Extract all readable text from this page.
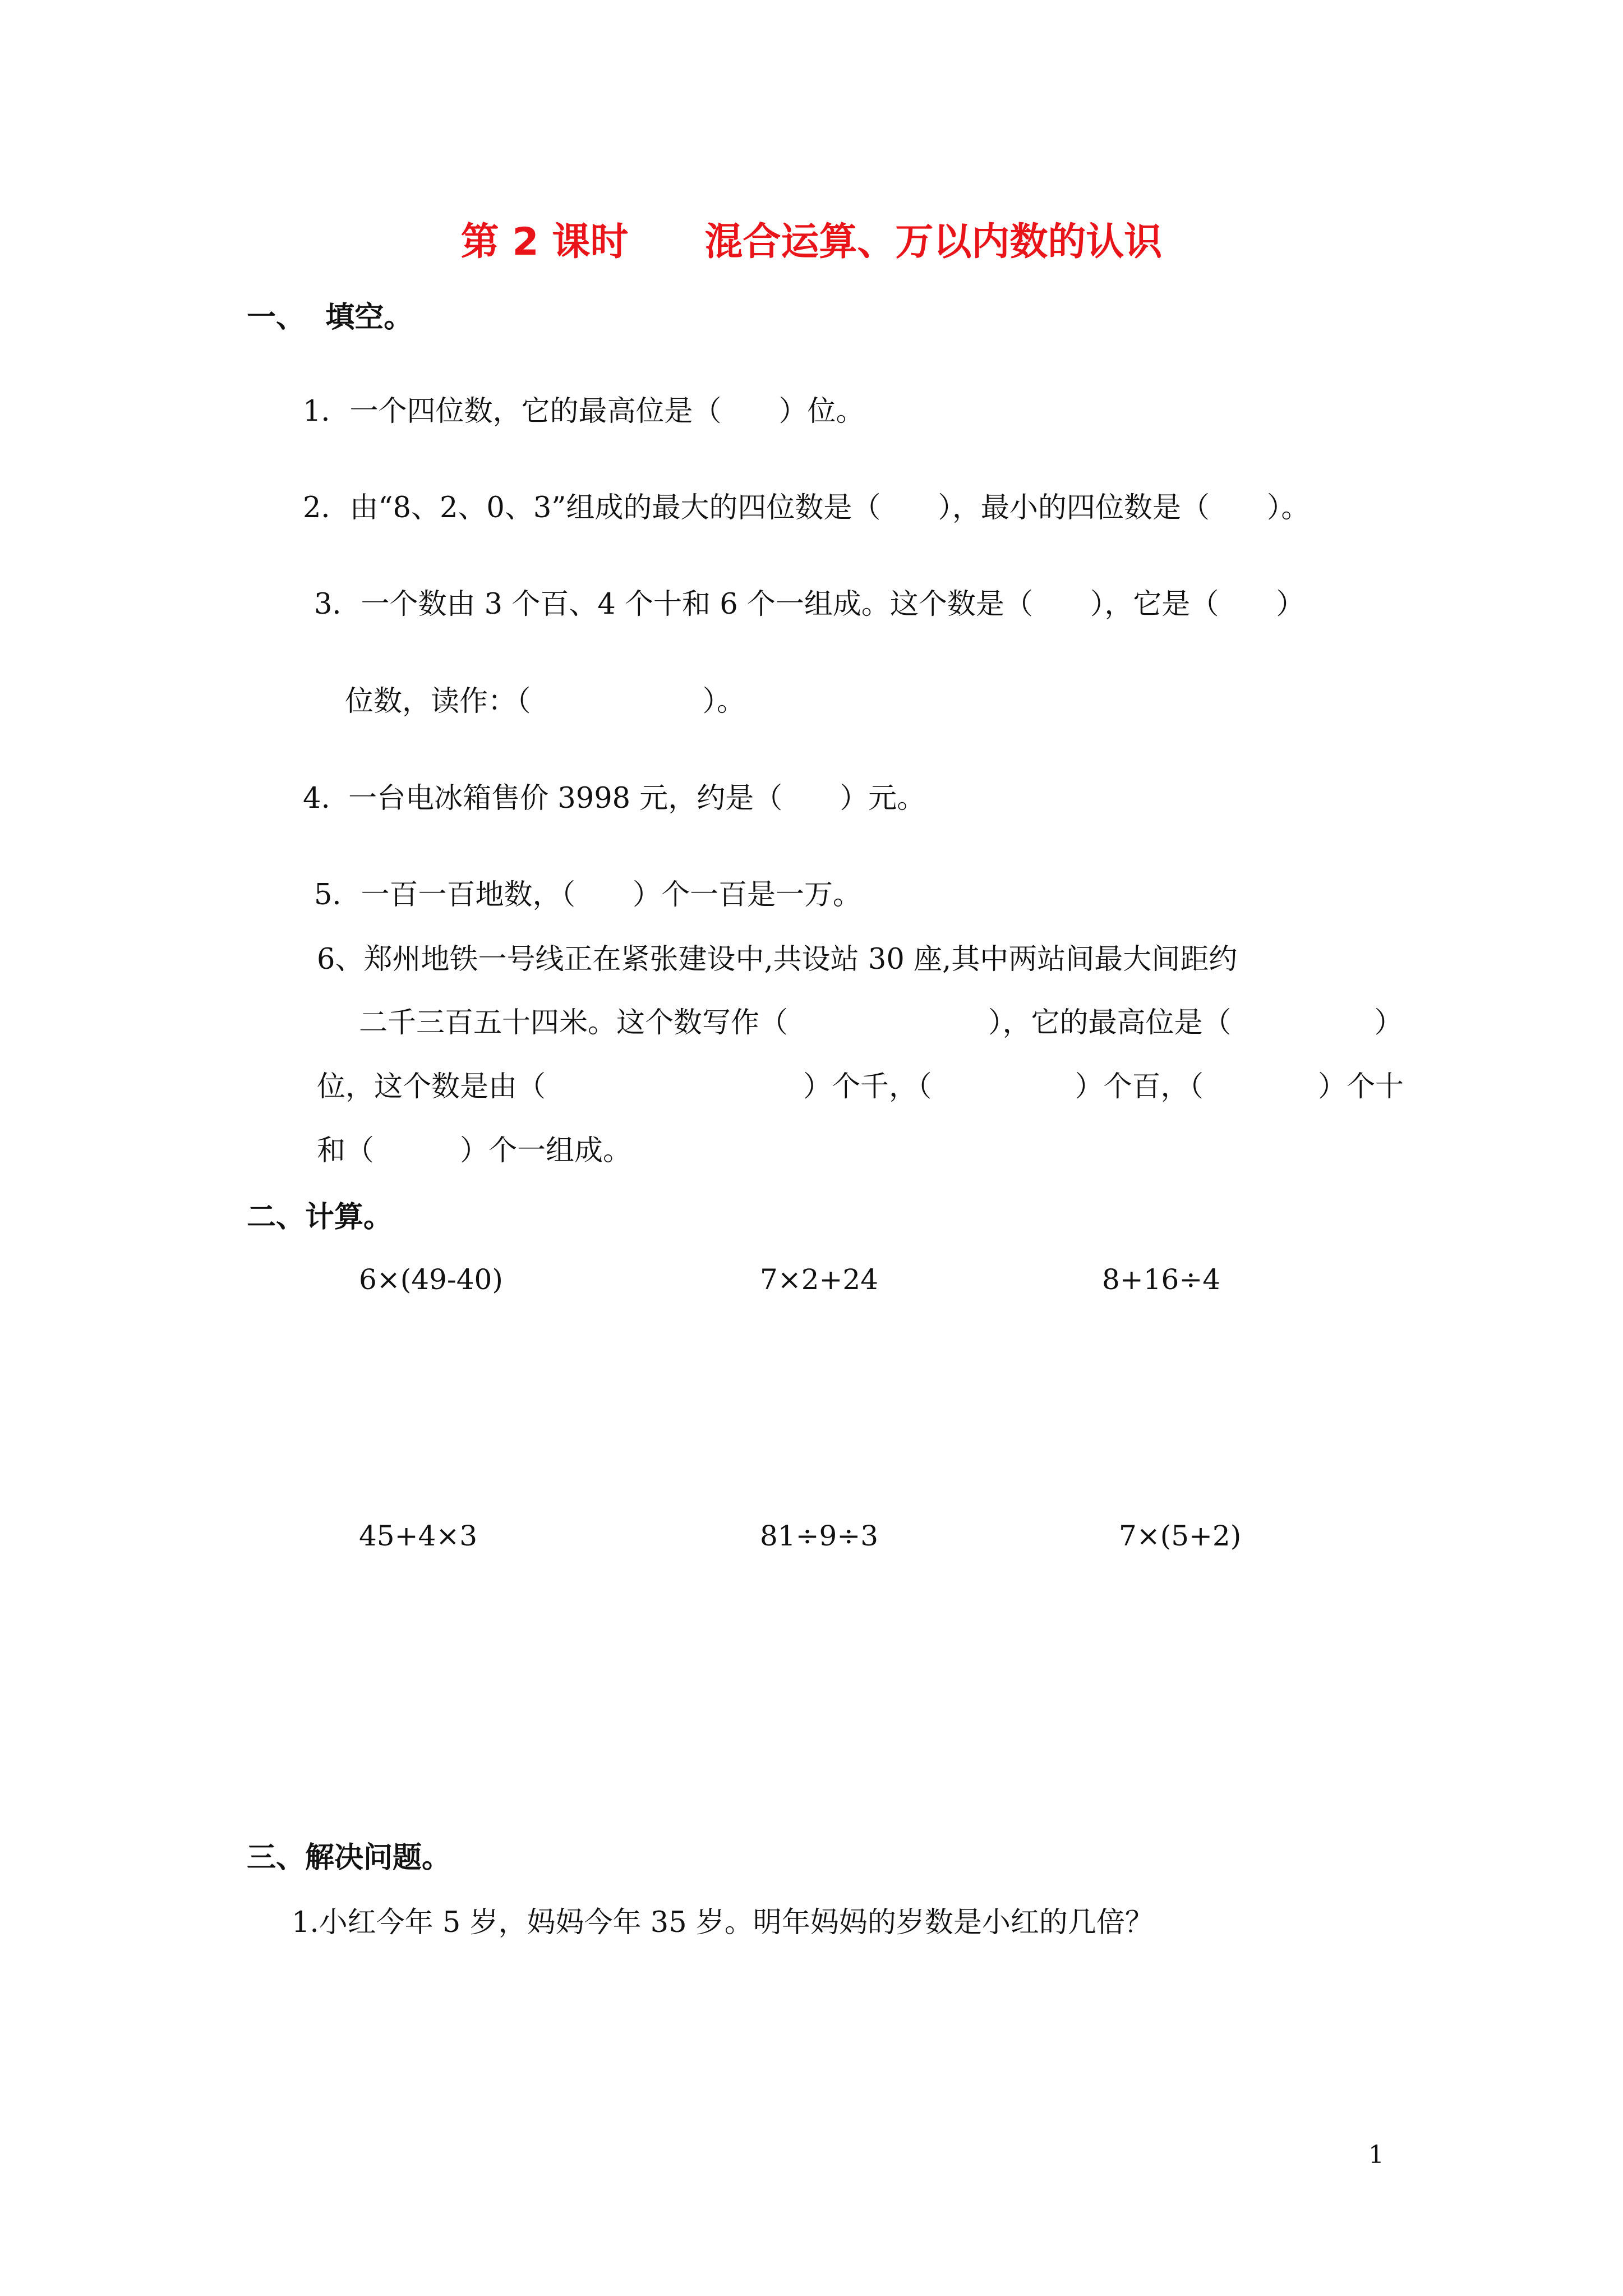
第 2 课时　　混合运算、万以内数的认识
一、  填空。
1．一个四位数，它的最高位是（　　）位。
2．由“8、2、0、3”组成的最大的四位数是（　　），最小的四位数是（　　）。
3．一个数由 3 个百、4 个十和 6 个一组成。这个数是（　　），它是（　　）
位数，读作：（　　　　　　）。
4.  一台电冰箱售价 3998 元，约是（　　）元。
5．一百一百地数，（　　）个一百是一万。
6、郑州地铁一号线正在紧张建设中,共设站 30 座,其中两站间最大间距约
二千三百五十四米。这个数写作（　　　　　　　），它的最高位是（　　　　　）
位，这个数是由（　　　　　　　　　）个千，（　　　　　）个百，（　　　　）个十
和（　　　）个一组成。
二、计算。
6×(49-40)	7×2+24	8+16÷4
45+4×3	81÷9÷3	7×(5+2)
三、解决问题。
1.小红今年 5 岁，妈妈今年 35 岁。明年妈妈的岁数是小红的几倍？
1
